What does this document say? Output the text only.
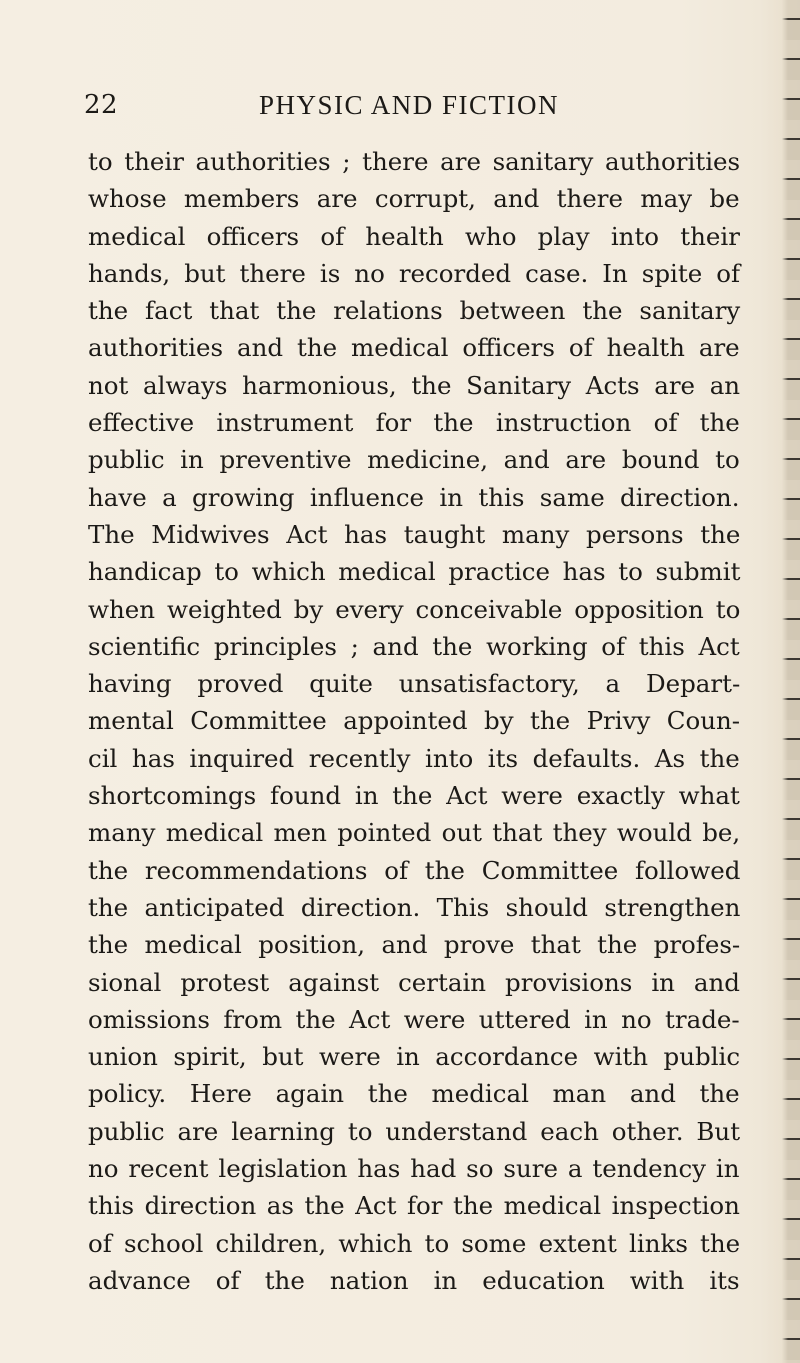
22	PHYSIC AND FICTION
to their authorities ; there are sanitary authorities
whose members are corrupt, and there may be
medical officers of health who play into their
hands, but there is no recorded case. In spite of
the fact that the relations between the sanitary
authorities and the medical officers of health are
not always harmonious, the Sanitary Acts are an
effective instrument for the instruction of the
public in preventive medicine, and are bound to
have a growing influence in this same direction.
The Midwives Act has taught many persons the
handicap to which medical practice has to submit
when weighted by every conceivable opposition to
scientific principles ; and the working of this Act
having proved quite unsatisfactory, a Depart-
mental Committee appointed by the Privy Coun-
cil has inquired recently into its defaults. As the
shortcomings found in the Act were exactly what
many medical men pointed out that they would be,
the recommendations of the Committee followed
the anticipated direction. This should strengthen
the medical position, and prove that the profes-
sional protest against certain provisions in and
omissions from the Act were uttered in no trade-
union spirit, but were in accordance with public
policy. Here again the medical man and the
public are learning to understand each other. But
no recent legislation has had so sure a tendency in
this direction as the Act for the medical inspection
of school children, which to some extent links the
advance of the nation in education with its
